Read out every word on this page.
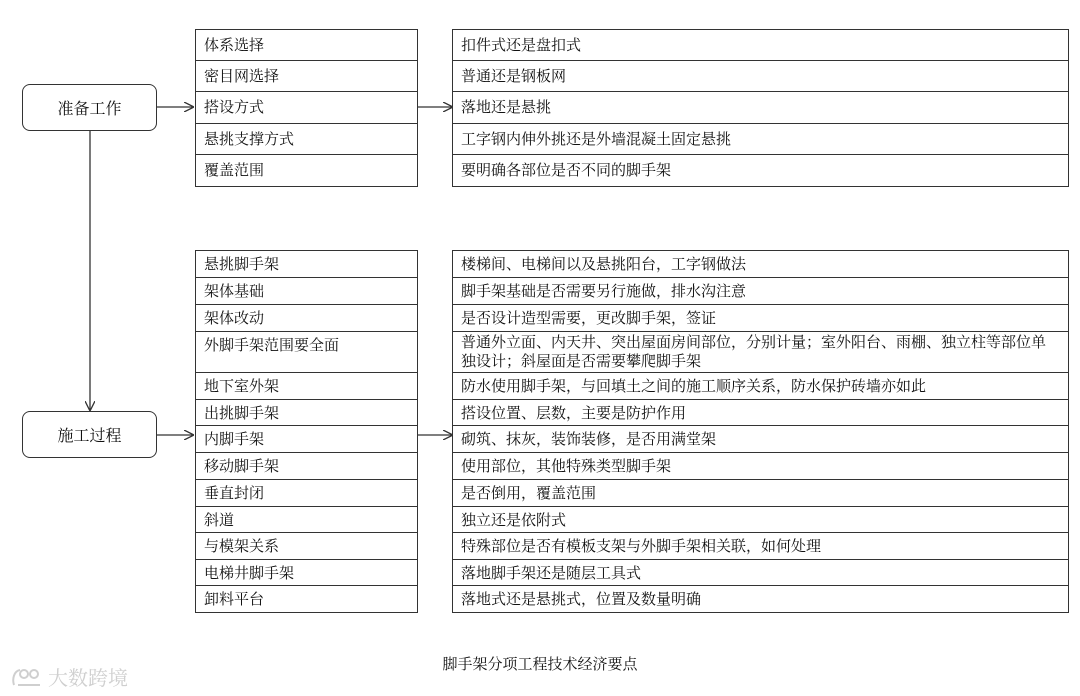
准备工作
施工过程
体系选择
密目网选择
搭设方式
悬挑支撑方式
覆盖范围
扣件式还是盘扣式
普通还是钢板网
落地还是悬挑
工字钢内伸外挑还是外墙混凝土固定悬挑
要明确各部位是否不同的脚手架
悬挑脚手架
架体基础
架体改动
外脚手架范围要全面
地下室外架
出挑脚手架
内脚手架
移动脚手架
垂直封闭
斜道
与模架关系
电梯井脚手架
卸料平台
楼梯间、电梯间以及悬挑阳台，工字钢做法
脚手架基础是否需要另行施做，排水沟注意
是否设计造型需要，更改脚手架，签证
普通外立面、内天井、突出屋面房间部位，分别计量；室外阳台、雨棚、独立柱等部位单独设计；斜屋面是否需要攀爬脚手架
防水使用脚手架，与回填土之间的施工顺序关系，防水保护砖墙亦如此
搭设位置、层数，主要是防护作用
砌筑、抹灰，装饰装修，是否用满堂架
使用部位，其他特殊类型脚手架
是否倒用，覆盖范围
独立还是依附式
特殊部位是否有模板支架与外脚手架相关联，如何处理
落地脚手架还是随层工具式
落地式还是悬挑式，位置及数量明确
脚手架分项工程技术经济要点
大数跨境
